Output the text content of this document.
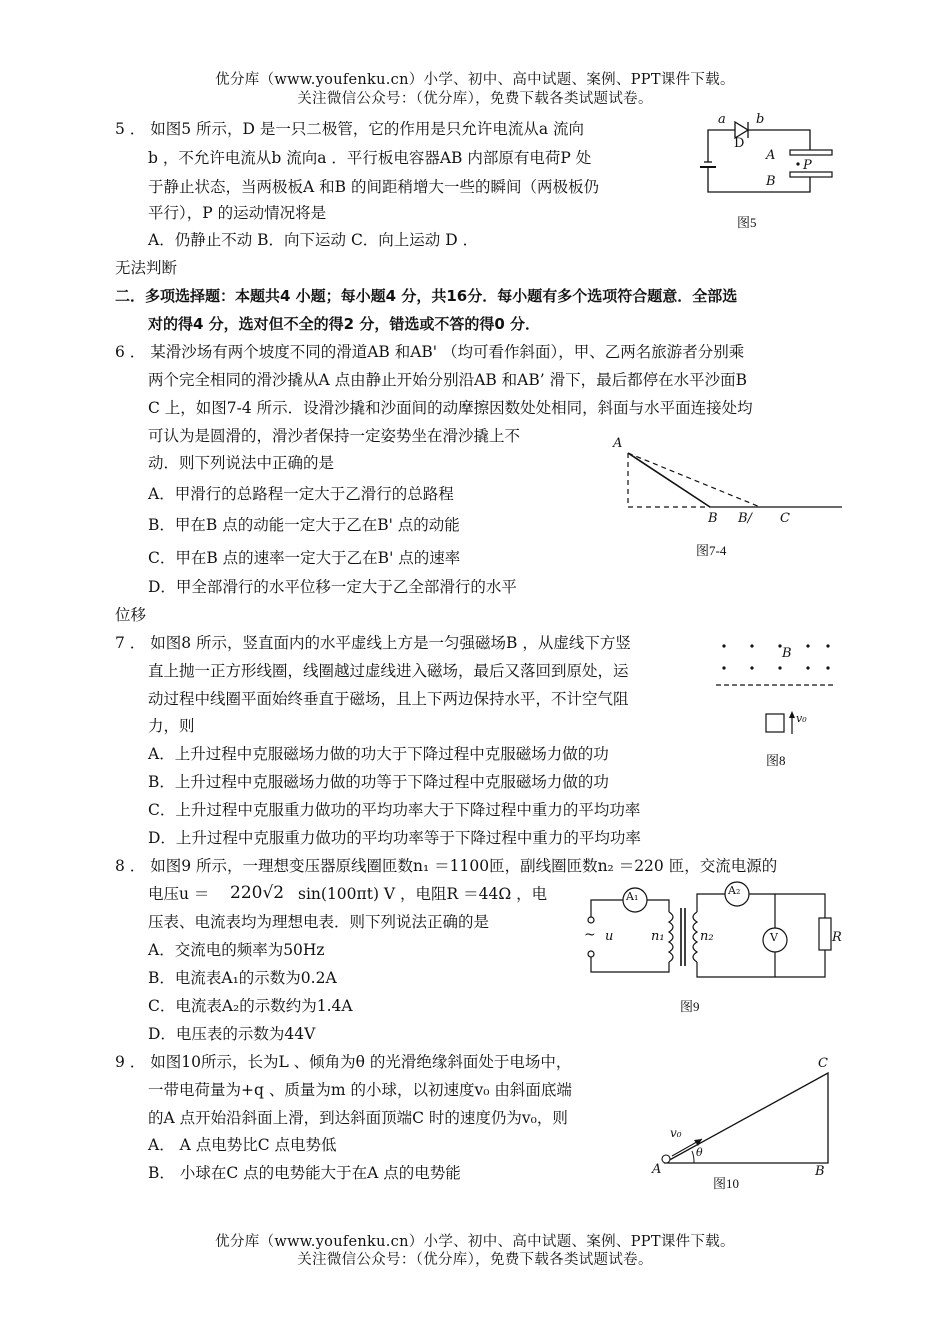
优分库（www.youfenku.cn）小学、初中、高中试题、案例、PPT课件下载。
关注微信公众号：（优分库），免费下载各类试题试卷。
5 ． 如图5 所示，D 是一只二极管，它的作用是只允许电流从a 流向
b ，不允许电流从b 流向a ．平行板电容器AB 内部原有电荷P 处
于静止状态，当两极板A 和B 的间距稍增大一些的瞬间（两极板仍
平行），P 的运动情况将是
A．仍静止不动 B．向下运动 C．向上运动 D ．
无法判断
a b
D
A
B
P
图5
二．多项选择题：本题共4 小题；每小题4 分，共16分．每小题有多个选项符合题意．全部选
对的得4 分，选对但不全的得2 分，错选或不答的得0 分．
6 ． 某滑沙场有两个坡度不同的滑道AB 和AB' （均可看作斜面），甲、乙两名旅游者分别乘
两个完全相同的滑沙撬从A 点由静止开始分别沿AB 和AB’ 滑下，最后都停在水平沙面B
C 上，如图7-4 所示．设滑沙撬和沙面间的动摩擦因数处处相同，斜面与水平面连接处均
可认为是圆滑的，滑沙者保持一定姿势坐在滑沙撬上不
动．则下列说法中正确的是
A．甲滑行的总路程一定大于乙滑行的总路程
B．甲在B 点的动能一定大于乙在B' 点的动能
C．甲在B 点的速率一定大于乙在B' 点的速率
D．甲全部滑行的水平位移一定大于乙全部滑行的水平
位移
A
B B/ C
图7-4
7 ． 如图8 所示，竖直面内的水平虚线上方是一匀强磁场B ，从虚线下方竖
直上抛一正方形线圈，线圈越过虚线进入磁场，最后又落回到原处，运
动过程中线圈平面始终垂直于磁场，且上下两边保持水平，不计空气阻
力，则
A．上升过程中克服磁场力做的功大于下降过程中克服磁场力做的功
B．上升过程中克服磁场力做的功等于下降过程中克服磁场力做的功
C．上升过程中克服重力做功的平均功率大于下降过程中重力的平均功率
D．上升过程中克服重力做功的平均功率等于下降过程中重力的平均功率
B
v₀
图8
8 ． 如图9 所示，一理想变压器原线圈匝数n₁ ＝1100匝，副线圈匝数n₂ ＝220 匝，交流电源的
电压u ＝ 220√2 sin(100πt) V ，电阻R ＝44Ω ，电
压表、电流表均为理想电表．则下列说法正确的是
A．交流电的频率为50Hz
B．电流表A₁的示数为0.2A
C．电流表A₂的示数约为1.4A
D．电压表的示数为44V
A₁	A₂
V	R
~ u	n₁	n₂
图9
9 ． 如图10所示，长为L 、倾角为θ 的光滑绝缘斜面处于电场中，
一带电荷量为+q 、质量为m 的小球，以初速度v₀ 由斜面底端
的A 点开始沿斜面上滑，到达斜面顶端C 时的速度仍为v₀，则
A． A 点电势比C 点电势低
B． 小球在C 点的电势能大于在A 点的电势能
C
A	B
v₀
θ
图10
优分库（www.youfenku.cn）小学、初中、高中试题、案例、PPT课件下载。
关注微信公众号：（优分库），免费下载各类试题试卷。
